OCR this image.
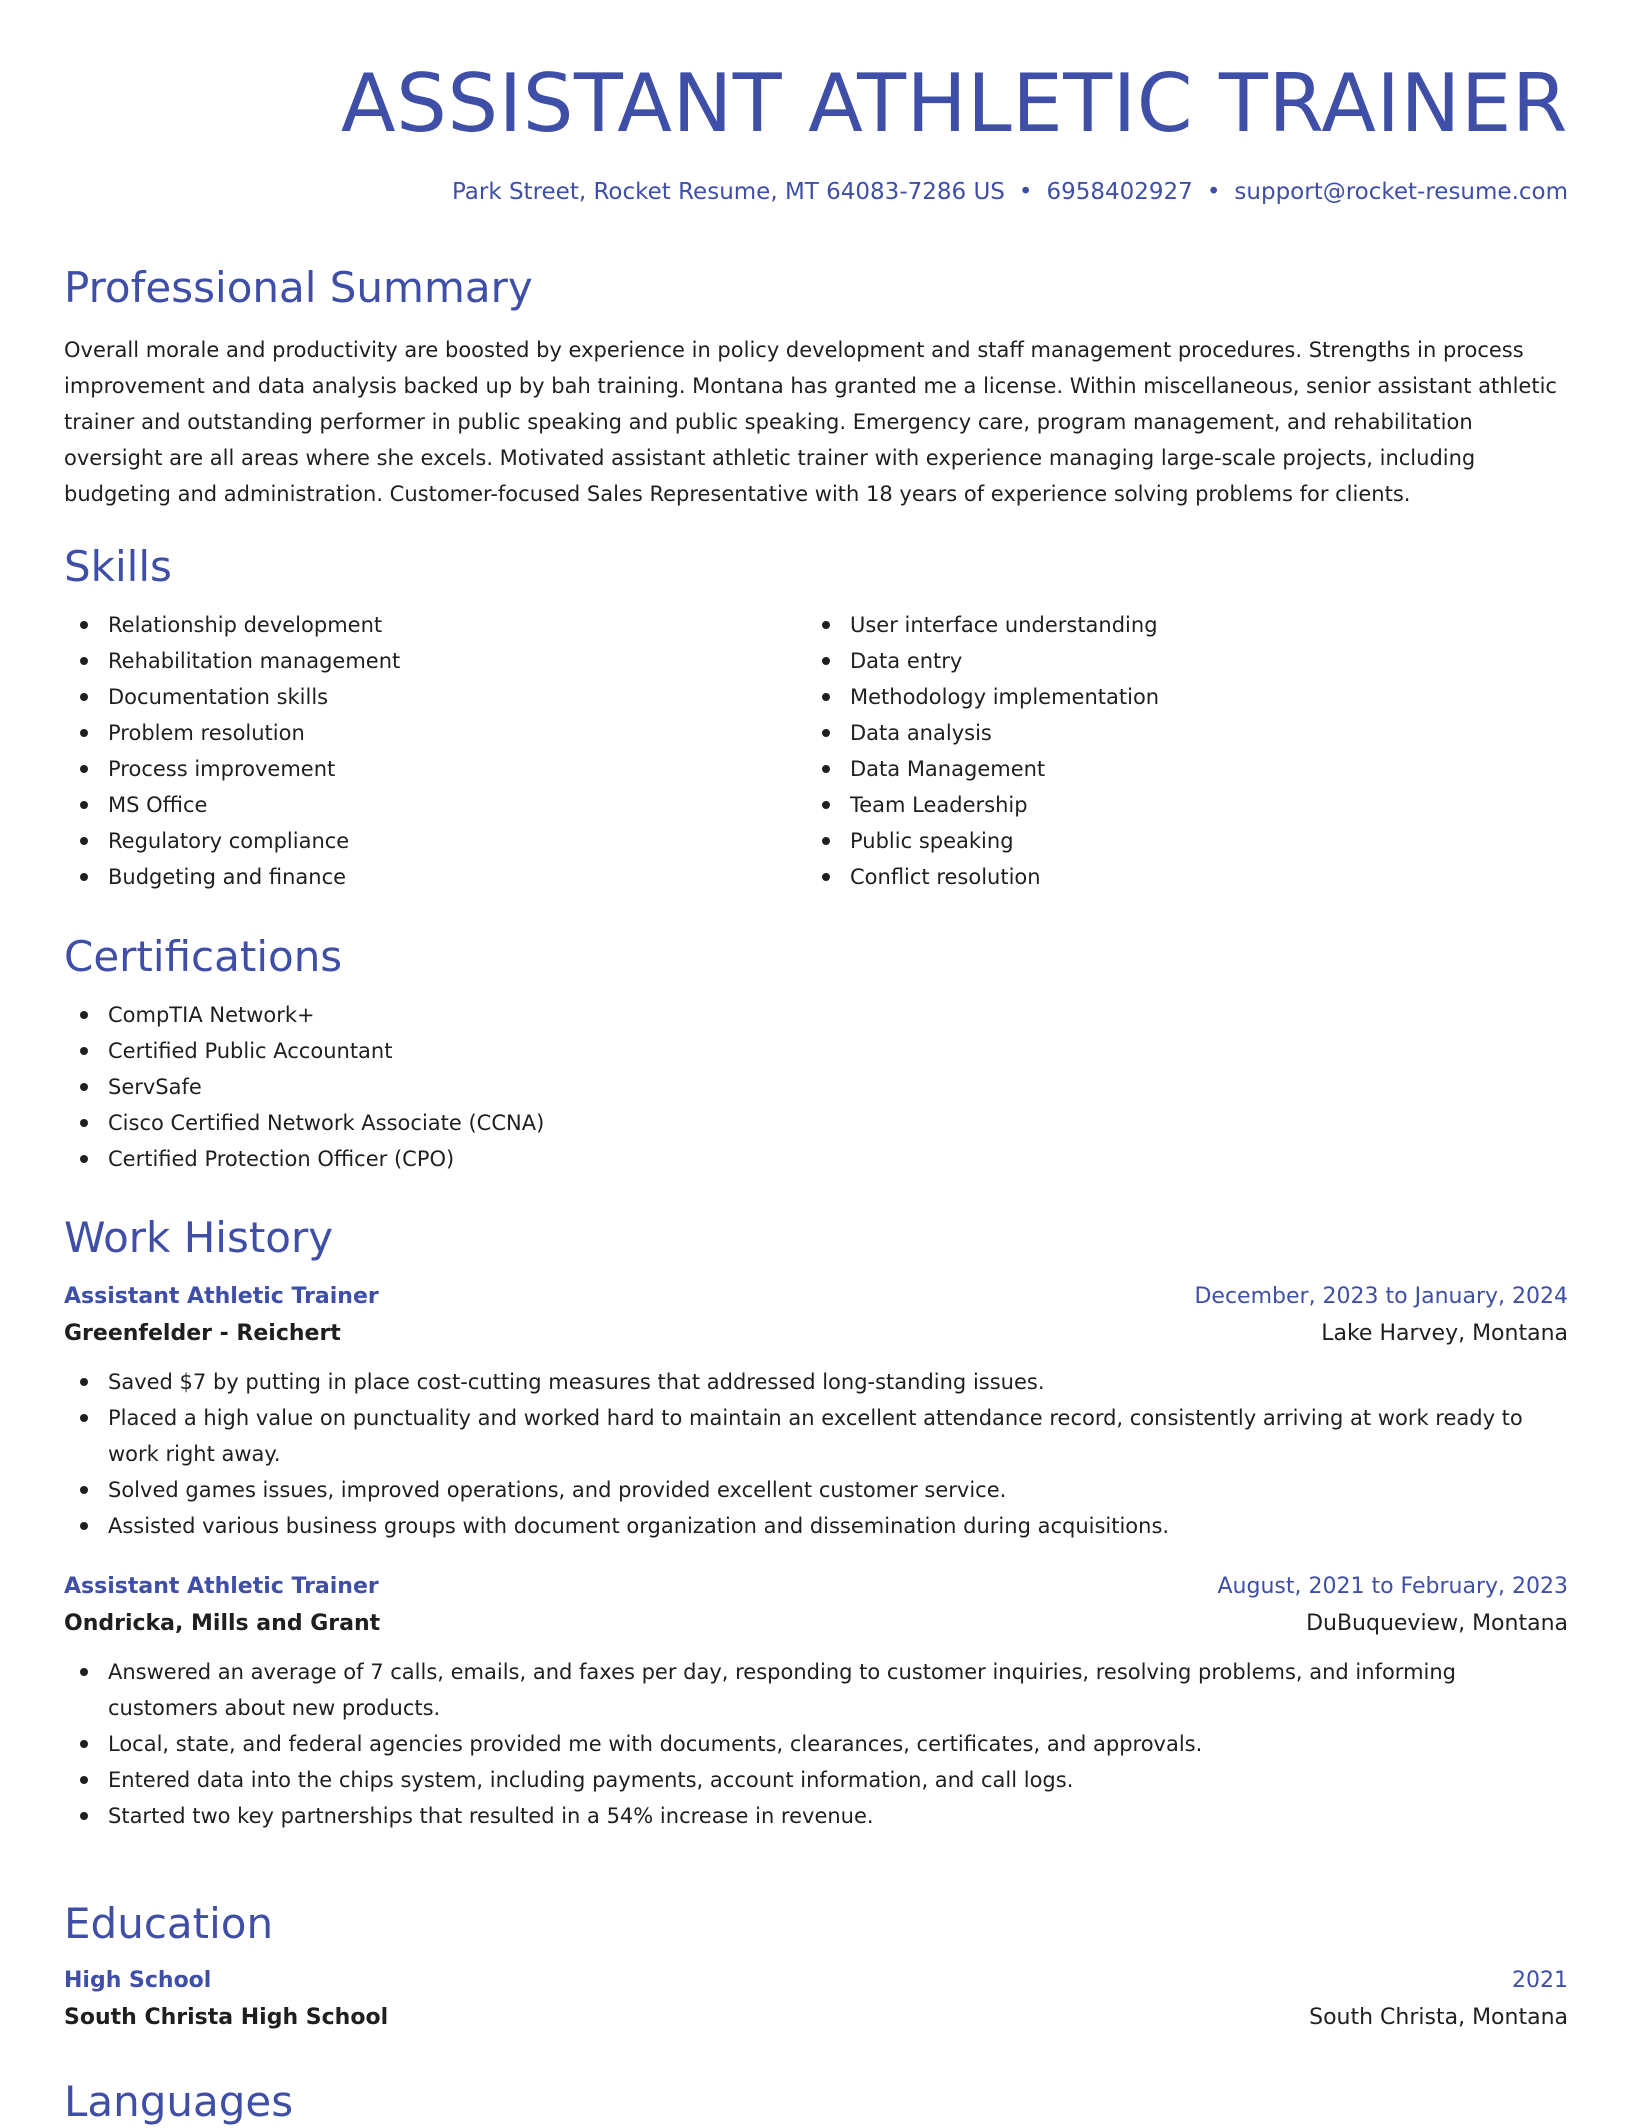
ASSISTANT ATHLETIC TRAINER
Park Street, Rocket Resume, MT 64083-7286 US • 6958402927 • support@rocket-resume.com
Professional Summary
Overall morale and productivity are boosted by experience in policy development and staff management procedures. Strengths in process improvement and data analysis backed up by bah training. Montana has granted me a license. Within miscellaneous, senior assistant athletic trainer and outstanding performer in public speaking and public speaking. Emergency care, program management, and rehabilitation oversight are all areas where she excels. Motivated assistant athletic trainer with experience managing large-scale projects, including budgeting and administration. Customer-focused Sales Representative with 18 years of experience solving problems for clients.
Skills
Relationship development
Rehabilitation management
Documentation skills
Problem resolution
Process improvement
MS Office
Regulatory compliance
Budgeting and finance
User interface understanding
Data entry
Methodology implementation
Data analysis
Data Management
Team Leadership
Public speaking
Conflict resolution
Certifications
CompTIA Network+
Certified Public Accountant
ServSafe
Cisco Certified Network Associate (CCNA)
Certified Protection Officer (CPO)
Work History
Assistant Athletic Trainer	December, 2023 to January, 2024
Greenfelder - Reichert	Lake Harvey, Montana
Saved $7 by putting in place cost-cutting measures that addressed long-standing issues.
Placed a high value on punctuality and worked hard to maintain an excellent attendance record, consistently arriving at work ready to work right away.
Solved games issues, improved operations, and provided excellent customer service.
Assisted various business groups with document organization and dissemination during acquisitions.
Assistant Athletic Trainer	August, 2021 to February, 2023
Ondricka, Mills and Grant	DuBuqueview, Montana
Answered an average of 7 calls, emails, and faxes per day, responding to customer inquiries, resolving problems, and informing customers about new products.
Local, state, and federal agencies provided me with documents, clearances, certificates, and approvals.
Entered data into the chips system, including payments, account information, and call logs.
Started two key partnerships that resulted in a 54% increase in revenue.
Education
High School	2021
South Christa High School	South Christa, Montana
Languages
